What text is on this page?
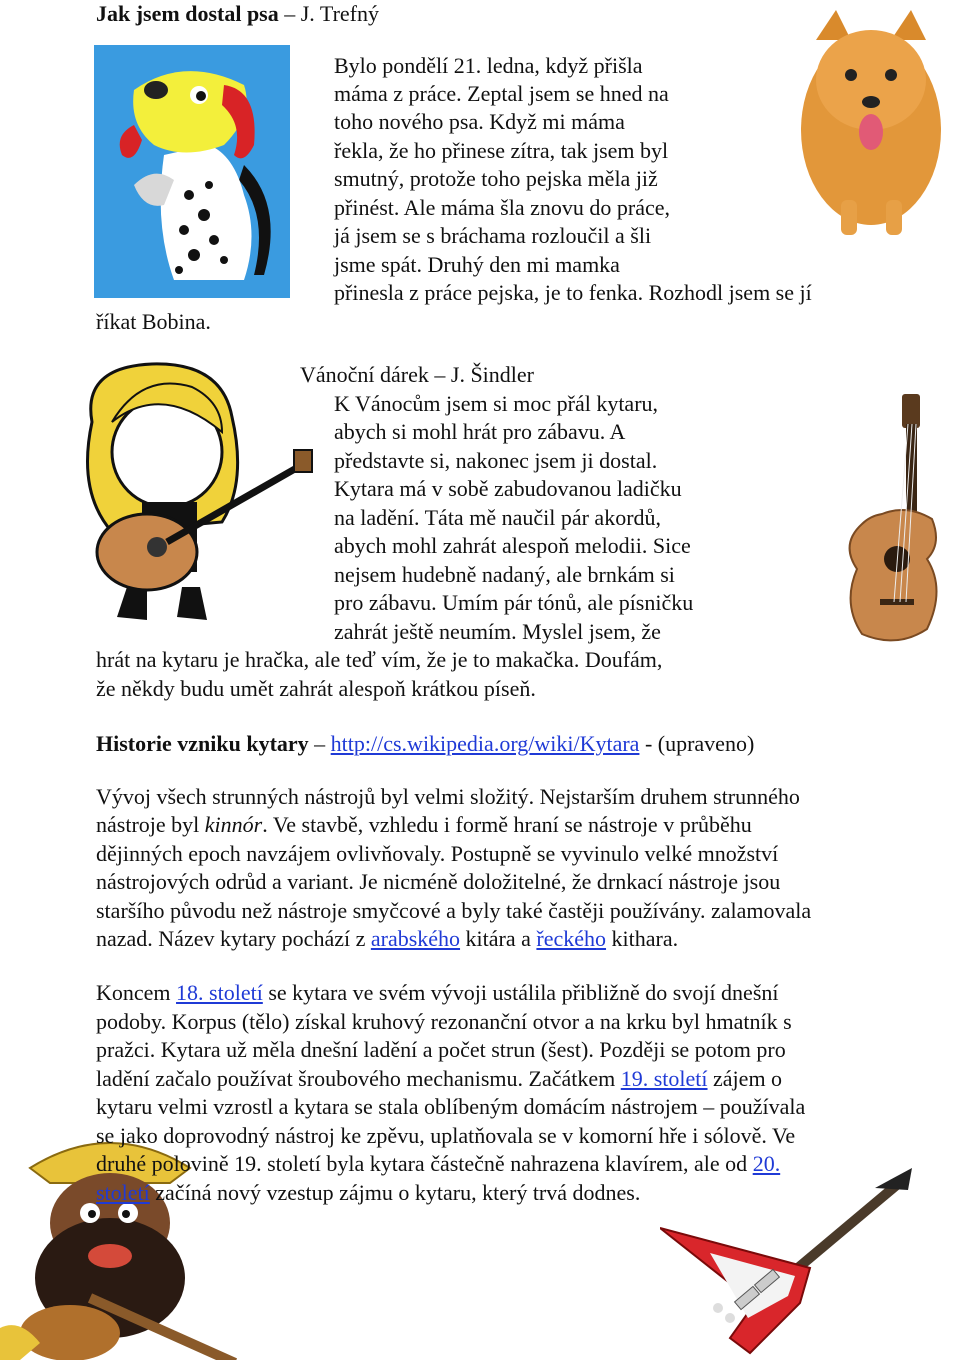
Jak jsem dostal psa – J. Trefný
Bylo pondělí 21. ledna, když přišla
máma z práce. Zeptal jsem se hned na
toho nového psa. Když mi máma
řekla, že ho přinese zítra, tak jsem byl
smutný, protože toho pejska měla již
přinést. Ale máma šla znovu do práce,
já jsem se s bráchama rozloučil a šli
jsme spát. Druhý den mi mamka
přinesla z práce pejska, je to fenka. Rozhodl jsem se jí
říkat Bobina.
Vánoční dárek – J. Šindler
K Vánocům jsem si moc přál kytaru,
abych si mohl hrát pro zábavu. A
představte si, nakonec jsem ji dostal.
Kytara má v sobě zabudovanou ladičku
na ladění. Táta mě naučil pár akordů,
abych mohl zahrát alespoň melodii. Sice
nejsem hudebně nadaný, ale brnkám si
pro zábavu. Umím pár tónů, ale písničku
zahrát ještě neumím. Myslel jsem, že
hrát na kytaru je hračka, ale teď vím, že je to makačka. Doufám,
že někdy budu umět zahrát alespoň krátkou píseň.
Historie vzniku kytary – http://cs.wikipedia.org/wiki/Kytara - (upraveno)
Vývoj všech strunných nástrojů byl velmi složitý. Nejstarším druhem strunného
nástroje byl kinnór. Ve stavbě, vzhledu i formě hraní se nástroje v průběhu
dějinných epoch navzájem ovlivňovaly. Postupně se vyvinulo velké množství
nástrojových odrůd a variant. Je nicméně doložitelné, že drnkací nástroje jsou
staršího původu než nástroje smyčcové a byly také častěji používány. zalamovala
nazad. Název kytary pochází z arabského kitára a řeckého kithara.
Koncem 18. století se kytara ve svém vývoji ustálila přibližně do svojí dnešní
podoby. Korpus (tělo) získal kruhový rezonanční otvor a na krku byl hmatník s
pražci. Kytara už měla dnešní ladění a počet strun (šest). Později se potom pro
ladění začalo používat šroubového mechanismu. Začátkem 19. století zájem o
kytaru velmi vzrostl a kytara se stala oblíbeným domácím nástrojem – používala
se jako doprovodný nástroj ke zpěvu, uplatňovala se v komorní hře i sólově. Ve
druhé polovině 19. století byla kytara částečně nahrazena klavírem, ale od 20.
století začíná nový vzestup zájmu o kytaru, který trvá dodnes.
